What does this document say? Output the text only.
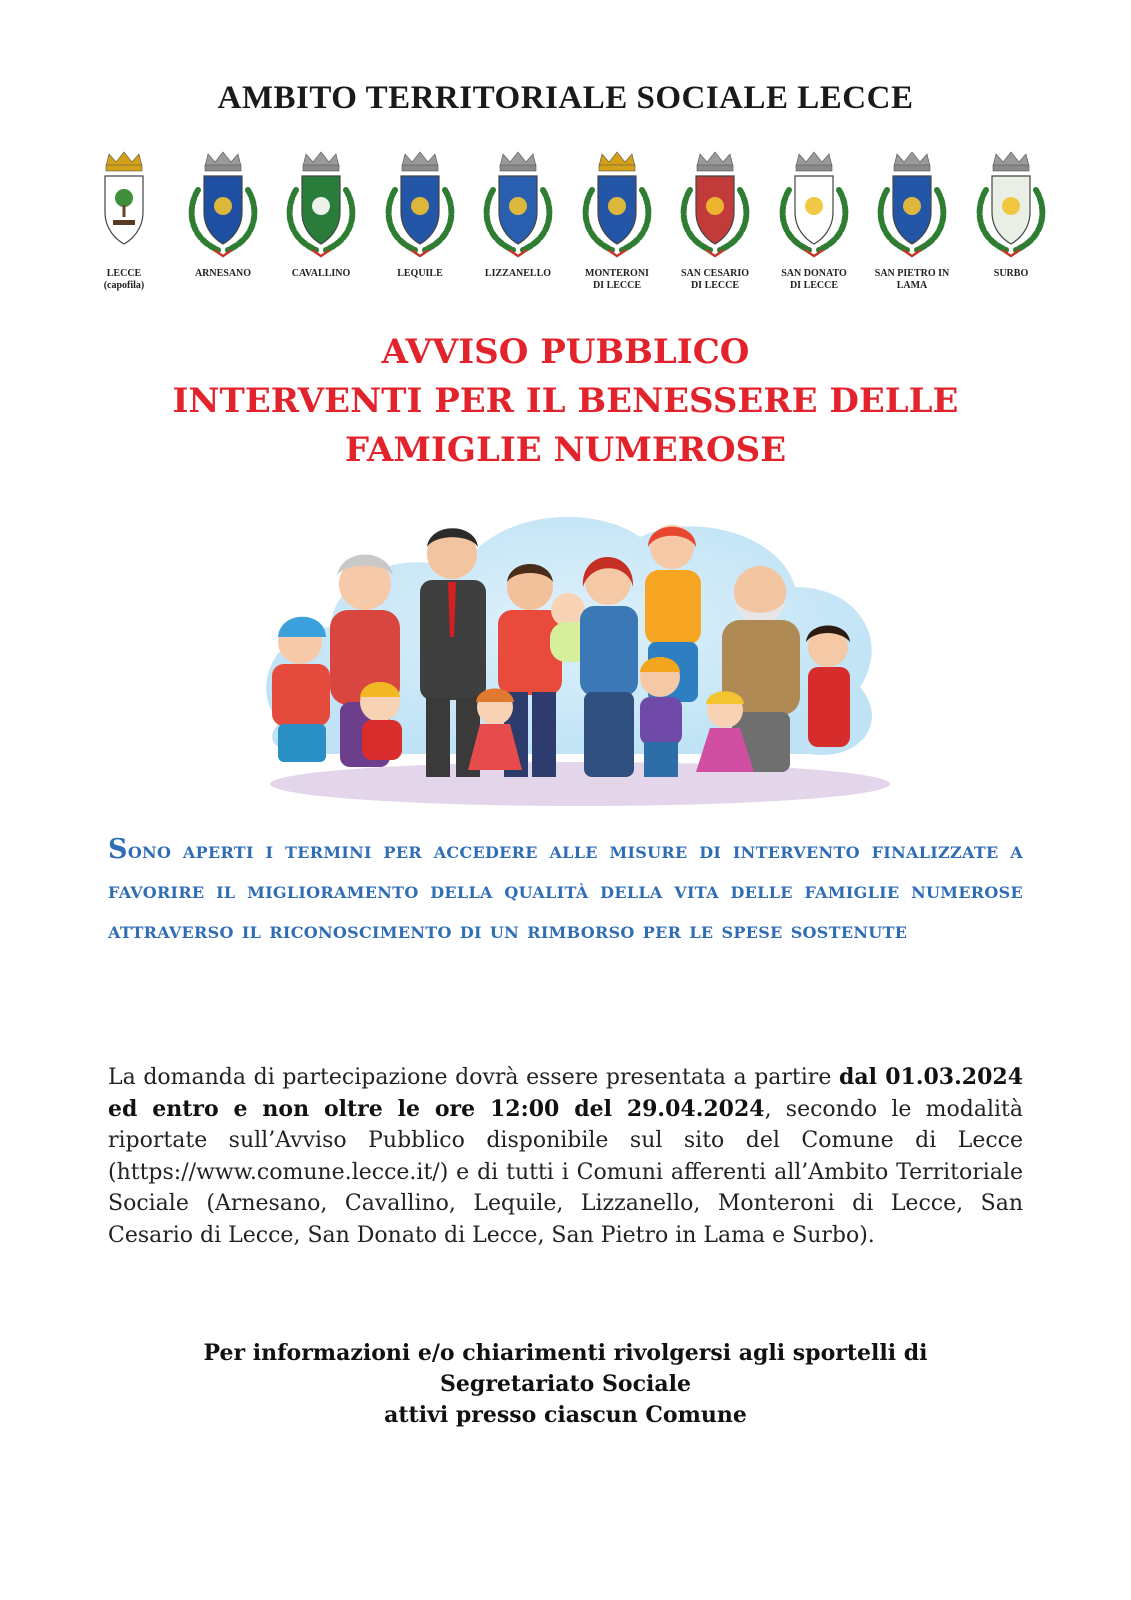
AMBITO TERRITORIALE SOCIALE LECCE
LECCE
(capofila)
ARNESANO	CAVALLINO	LEQUILE	LIZZANELLO	MONTERONI
DI LECCE
SAN CESARIO
DI LECCE
SAN DONATO
DI LECCE
SAN PIETRO IN
LAMA
SURBO
AVVISO PUBBLICO
INTERVENTI PER IL BENESSERE DELLE
FAMIGLIE NUMEROSE
Sono aperti i termini per accedere alle misure di intervento finalizzate a favorire il miglioramento della qualità della vita delle famiglie numerose attraverso il riconoscimento di un rimborso per le spese sostenute
La domanda di partecipazione dovrà essere presentata a partire dal 01.03.2024 ed entro e non oltre le ore 12:00 del 29.04.2024, secondo le modalità riportate sull’Avviso Pubblico disponibile sul sito del Comune di Lecce (https://www.comune.lecce.it/) e di tutti i Comuni afferenti all’Ambito Territoriale Sociale (Arnesano, Cavallino, Lequile, Lizzanello, Monteroni di Lecce, San Cesario di Lecce, San Donato di Lecce, San Pietro in Lama e Surbo).
Per informazioni e/o chiarimenti rivolgersi agli sportelli di
Segretariato Sociale
attivi presso ciascun Comune
